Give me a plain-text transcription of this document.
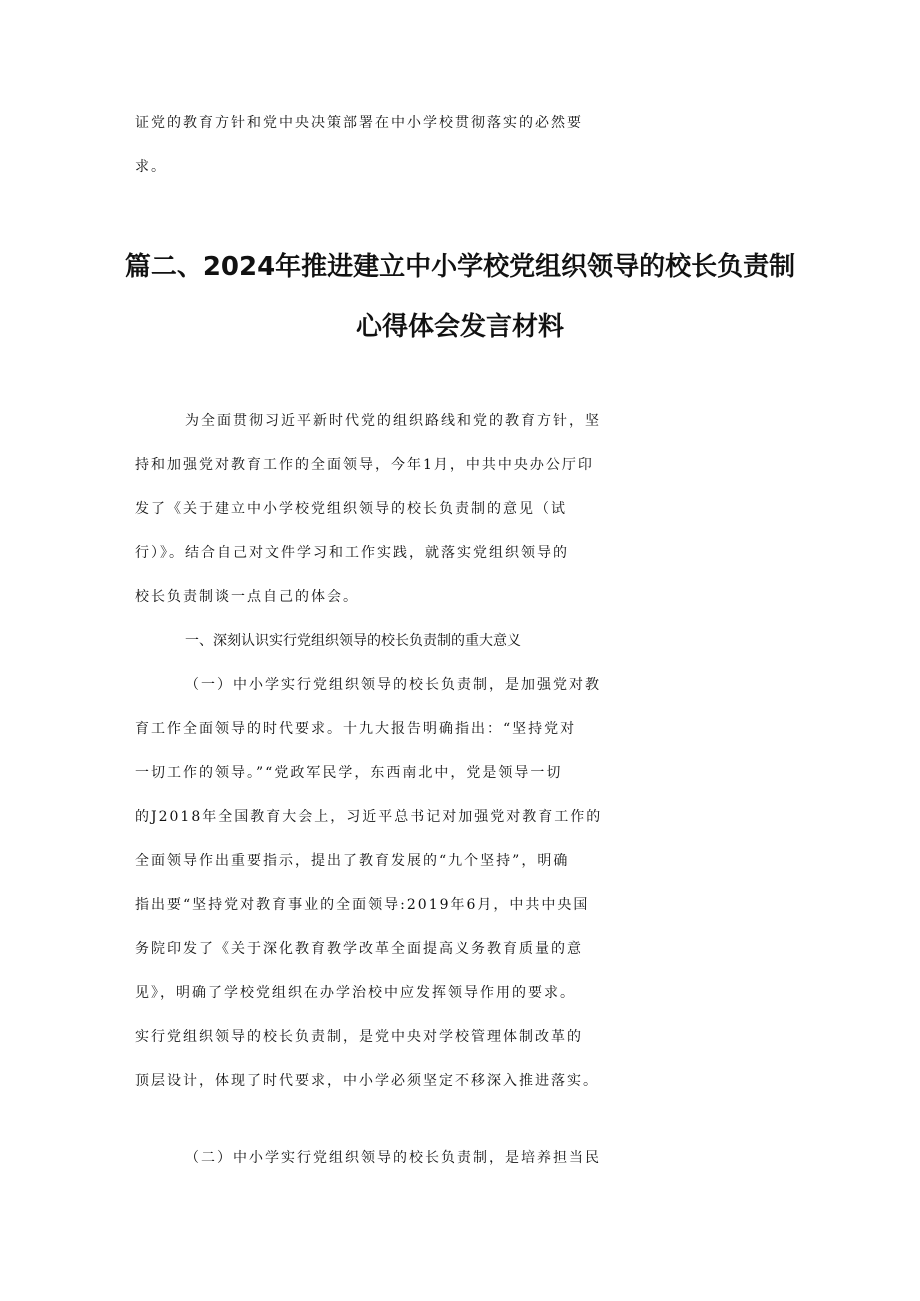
证党的教育方针和党中央决策部署在中小学校贯彻落实的必然要

求。

篇二、2024年推进建立中小学校党组织领导的校长负责制

心得体会发言材料

为全面贯彻习近平新时代党的组织路线和党的教育方针，坚

持和加强党对教育工作的全面领导，今年1月，中共中央办公厅印

发了《关于建立中小学校党组织领导的校长负责制的意见（试

行）》。结合自己对文件学习和工作实践，就落实党组织领导的

校长负责制谈一点自己的体会。

一、深刻认识实行党组织领导的校长负责制的重大意义

（一）中小学实行党组织领导的校长负责制，是加强党对教

育工作全面领导的时代要求。十九大报告明确指出：“坚持党对

一切工作的领导。”“党政军民学，东西南北中，党是领导一切

的J2018年全国教育大会上，习近平总书记对加强党对教育工作的

全面领导作出重要指示，提出了教育发展的“九个坚持”，明确

指出要“坚持党对教育事业的全面领导:2019年6月，中共中央国

务院印发了《关于深化教育教学改革全面提高义务教育质量的意

见》，明确了学校党组织在办学治校中应发挥领导作用的要求。

实行党组织领导的校长负责制，是党中央对学校管理体制改革的

顶层设计，体现了时代要求，中小学必须坚定不移深入推进落实。

（二）中小学实行党组织领导的校长负责制，是培养担当民
